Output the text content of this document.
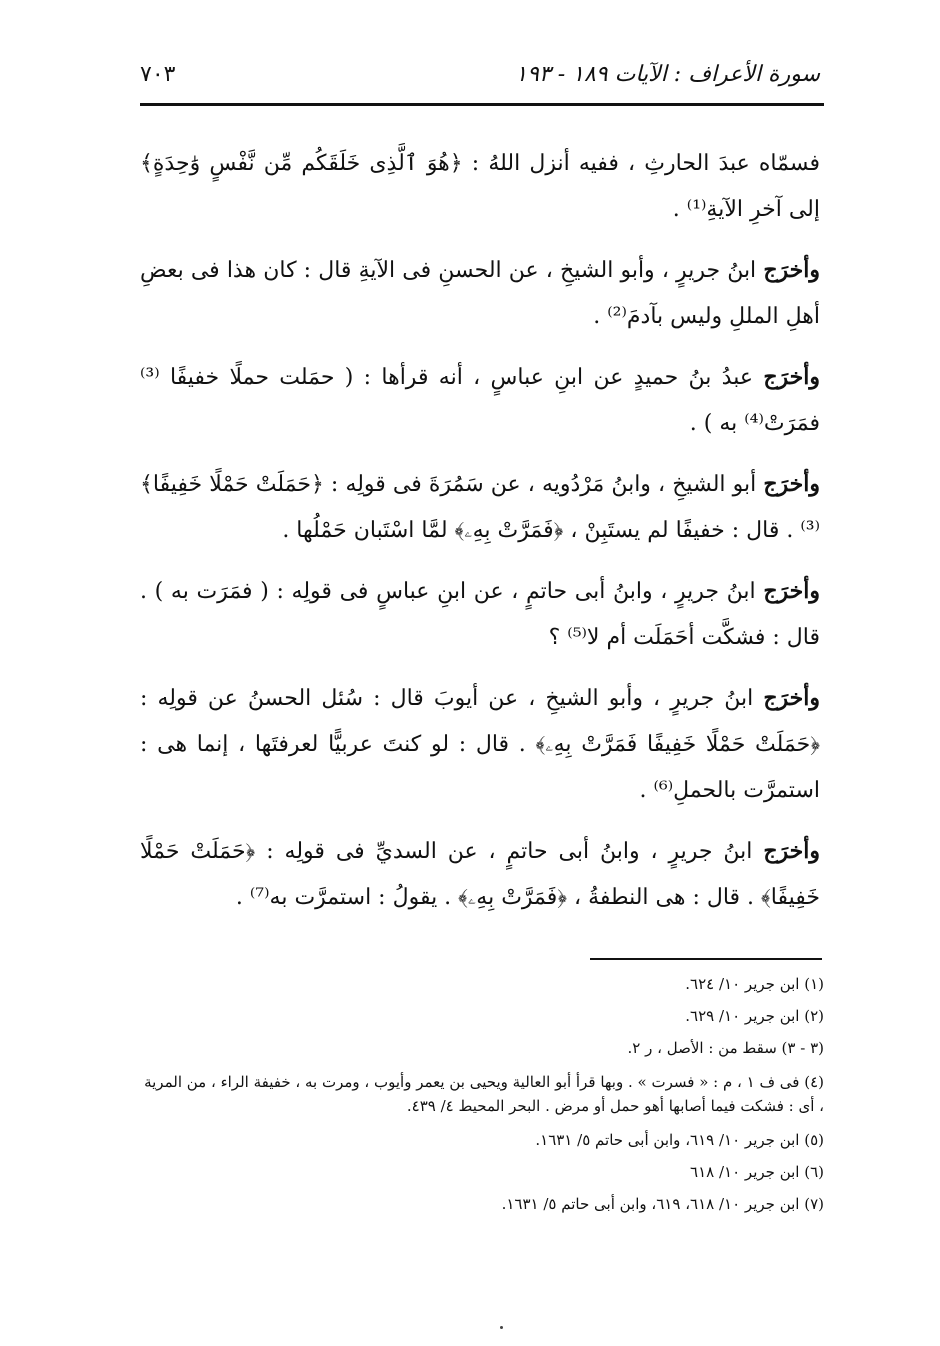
سورة الأعراف : الآيات ١٨٩ - ١٩٣
٧٠٣

فسمّاه عبدَ الحارثِ ، ففيه أنزل اللهُ : ﴿هُوَ ٱلَّذِى خَلَقَكُم مِّن نَّفْسٍ وَٰحِدَةٍ﴾ إلى آخرِ الآيةِ⁽¹⁾ .

وأخرَج ابنُ جريرٍ ، وأبو الشيخِ ، عن الحسنِ فى الآيةِ قال : كان هذا فى بعضِ أهلِ المللِ وليس بآدمَ⁽²⁾ .

وأخرَج عبدُ بنُ حميدٍ عن ابنِ عباسٍ ، أنه قرأها : ( حمَلت حملًا خفيفًا ⁽³⁾ فمَرَتْ⁽⁴⁾ به ) .

وأخرَج أبو الشيخِ ، وابنُ مَرْدُويه ، عن سَمُرَةَ فى قولِه : ﴿حَمَلَتْ حَمْلًا خَفِيفًا﴾ ⁽³⁾ . قال : خفيفًا لم يستَبِنْ ، ﴿فَمَرَّتْ بِهِۦ﴾ لمَّا اسْتَبان حَمْلُها .

وأخرَج ابنُ جريرٍ ، وابنُ أبى حاتمٍ ، عن ابنِ عباسٍ فى قولِه : ( فمَرَت به ) . قال : فشكَّت أحَمَلَت أم لا⁽⁵⁾ ؟

وأخرَج ابنُ جريرٍ ، وأبو الشيخِ ، عن أيوبَ قال : سُئل الحسنُ عن قولِه : ﴿حَمَلَتْ حَمْلًا خَفِيفًا فَمَرَّتْ بِهِۦ﴾ . قال : لو كنتَ عربيًّا لعرفتَها ، إنما هى : استمرَّت بالحملِ⁽⁶⁾ .

وأخرَج ابنُ جريرٍ ، وابنُ أبى حاتمٍ ، عن السديِّ فى قولِه : ﴿حَمَلَتْ حَمْلًا خَفِيفًا﴾ . قال : هى النطفةُ ، ﴿فَمَرَّتْ بِهِۦ﴾ . يقولُ : استمرَّت به⁽⁷⁾ .

(١) ابن جرير ١٠/ ٦٢٤.

(٢) ابن جرير ١٠/ ٦٢٩.

(٣ - ٣) سقط من : الأصل ، ر ٢.

(٤) فى ف ١ ، م : « فسرت » . وبها قرأ أبو العالية ويحيى بن يعمر وأيوب ، ومرت به ، خفيفة الراء ، من المرية ، أى : فشكت فيما أصابها أهو حمل أو مرض . البحر المحيط ٤/ ٤٣٩.

(٥) ابن جرير ١٠/ ٦١٩، وابن أبى حاتم ٥/ ١٦٣١.

(٦) ابن جرير ١٠/ ٦١٨

(٧) ابن جرير ١٠/ ٦١٨، ٦١٩، وابن أبى حاتم ٥/ ١٦٣١.
